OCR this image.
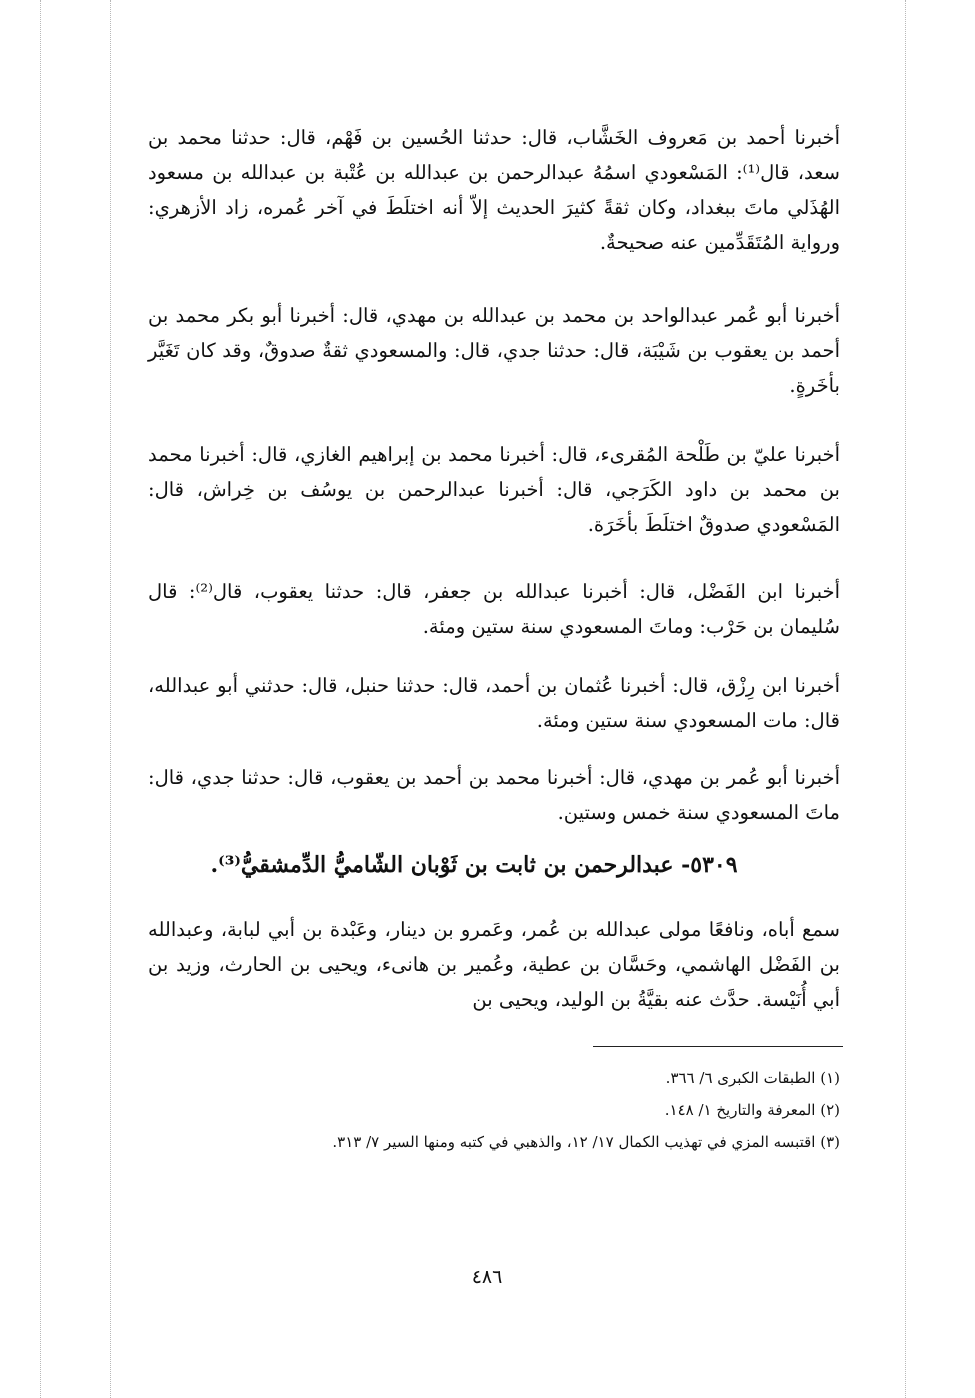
أخبرنا أحمد بن مَعروف الخَشَّاب، قال: حدثنا الحُسين بن فَهْم، قال: حدثنا محمد بن سعد، قال⁽¹⁾: المَسْعودي اسمُهُ عبدالرحمن بن عبدالله بن عُتْبة بن عبدالله بن مسعود الهُذَلي ماتَ ببغداد، وكان ثقةً كثيرَ الحديث إلاّ أنه اختلَطَ في آخر عُمره، زاد الأزهري: ورواية المُتَقَدِّمين عنه صحيحةٌ.

أخبرنا أبو عُمر عبدالواحد بن محمد بن عبدالله بن مهدي، قال: أخبرنا أبو بكر محمد بن أحمد بن يعقوب بن شَيْبَة، قال: حدثنا جدي، قال: والمسعودي ثقةٌ صدوقٌ، وقد كان تَغَيَّر بأخَرةٍ.

أخبرنا عليّ بن طَلْحة المُقرىء، قال: أخبرنا محمد بن إبراهيم الغازي، قال: أخبرنا محمد بن محمد بن داود الكَرَجي، قال: أخبرنا عبدالرحمن بن يوسُف بن خِراش، قال: المَسْعودي صدوقٌ اختلَطَ بأخَرَة.

أخبرنا ابن الفَضْل، قال: أخبرنا عبدالله بن جعفر، قال: حدثنا يعقوب، قال⁽²⁾: قال سُليمان بن حَرْب: وماتَ المسعودي سنة ستين ومئة.

أخبرنا ابن رِزْق، قال: أخبرنا عُثمان بن أحمد، قال: حدثنا حنبل، قال: حدثني أبو عبدالله، قال: مات المسعودي سنة ستين ومئة.

أخبرنا أبو عُمر بن مهدي، قال: أخبرنا محمد بن أحمد بن يعقوب، قال: حدثنا جدي، قال: ماتَ المسعودي سنة خمس وستين.

٥٣٠٩- عبدالرحمن بن ثابت بن ثَوْبان الشّاميُّ الدِّمشقيُّ⁽³⁾.

سمع أباه، ونافعًا مولى عبدالله بن عُمر، وعَمرو بن دينار، وعَبْدة بن أبي لبابة، وعبدالله بن الفَضْل الهاشمي، وحَسَّان بن عطية، وعُمير بن هانىء، ويحيى بن الحارث، وزيد بن أبي أُنَيْسة. حدَّث عنه بقيَّةُ بن الوليد، ويحيى بن

(١) الطبقات الكبرى ٦/ ٣٦٦.

(٢) المعرفة والتاريخ ١/ ١٤٨.

(٣) اقتبسه المزي في تهذيب الكمال ١٧/ ١٢، والذهبي في كتبه ومنها السير ٧/ ٣١٣.

٤٨٦
